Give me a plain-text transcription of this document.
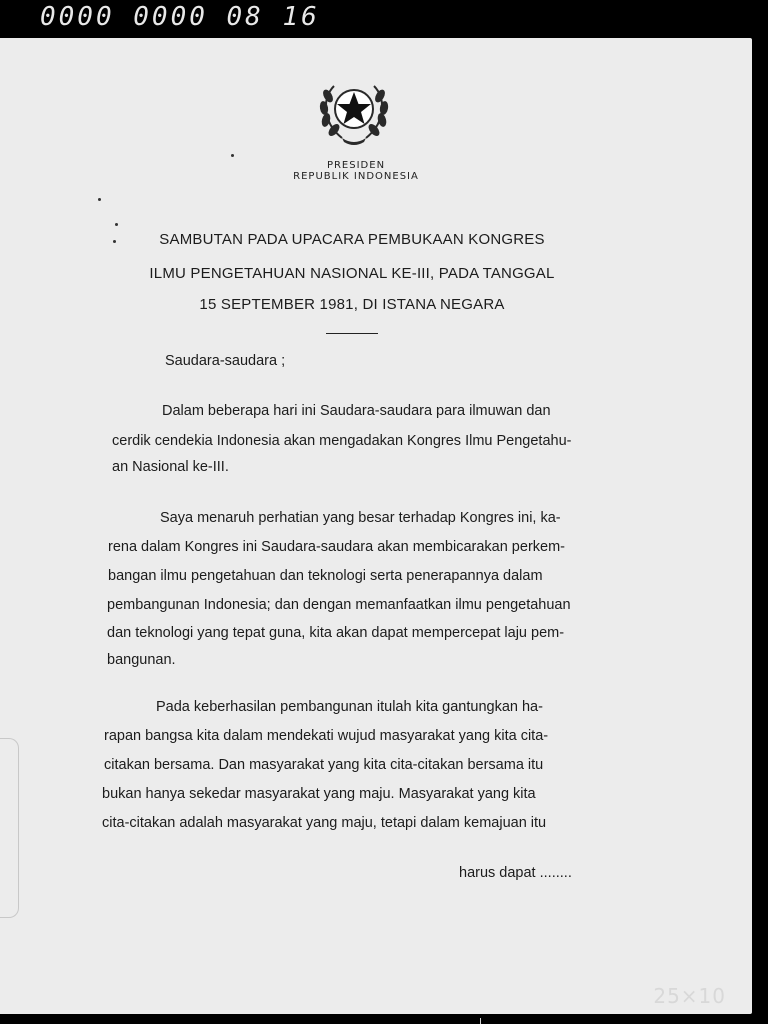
0000 0000 08 16
PRESIDEN
REPUBLIK INDONESIA
SAMBUTAN PADA UPACARA PEMBUKAAN KONGRES
ILMU PENGETAHUAN NASIONAL KE-III, PADA TANGGAL
15 SEPTEMBER 1981, DI ISTANA NEGARA
Saudara-saudara ;
Dalam beberapa hari ini Saudara-saudara para ilmuwan dan
cerdik cendekia Indonesia akan mengadakan Kongres Ilmu Pengetahu-
an Nasional ke-III.
Saya menaruh perhatian yang besar terhadap Kongres ini, ka-
rena dalam Kongres ini Saudara-saudara akan membicarakan perkem-
bangan ilmu pengetahuan dan teknologi serta penerapannya dalam
pembangunan Indonesia; dan dengan memanfaatkan ilmu pengetahuan
dan teknologi yang tepat guna, kita akan dapat mempercepat laju pem-
bangunan.
Pada keberhasilan pembangunan itulah kita gantungkan ha-
rapan bangsa kita dalam mendekati wujud masyarakat yang kita cita-
citakan bersama. Dan masyarakat yang kita cita-citakan bersama itu
bukan hanya sekedar masyarakat yang maju. Masyarakat yang kita
cita-citakan adalah masyarakat yang maju, tetapi dalam kemajuan itu
harus dapat ........
25×10
